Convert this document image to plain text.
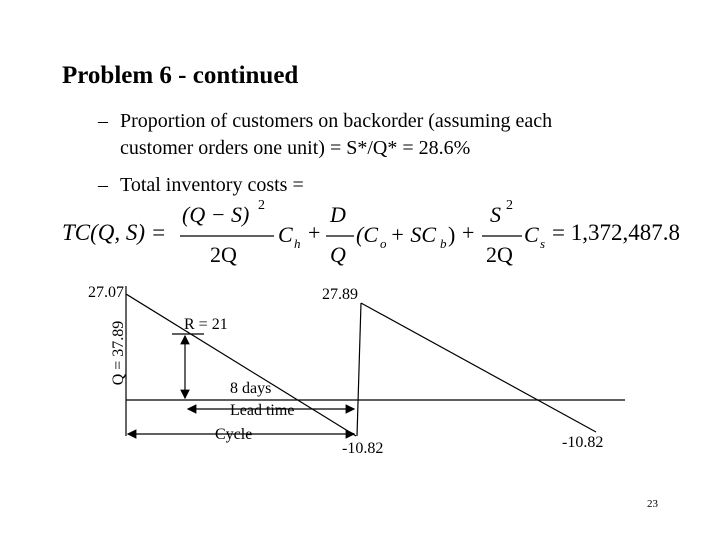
Problem 6 - continued
– Proportion of customers on backorder (assuming each
customer orders one unit) = S*/Q* = 28.6%
– Total inventory costs =
TC(Q, S) =
(Q − S) 2
2Q
C h +
D
Q
(C o + SC b ) +
S 2
2Q
C s = 1,372,487.8
27.07	27.89
Q = 37.89	R = 21
8 days
Lead time
Cycle
-10.82	-10.82
23
